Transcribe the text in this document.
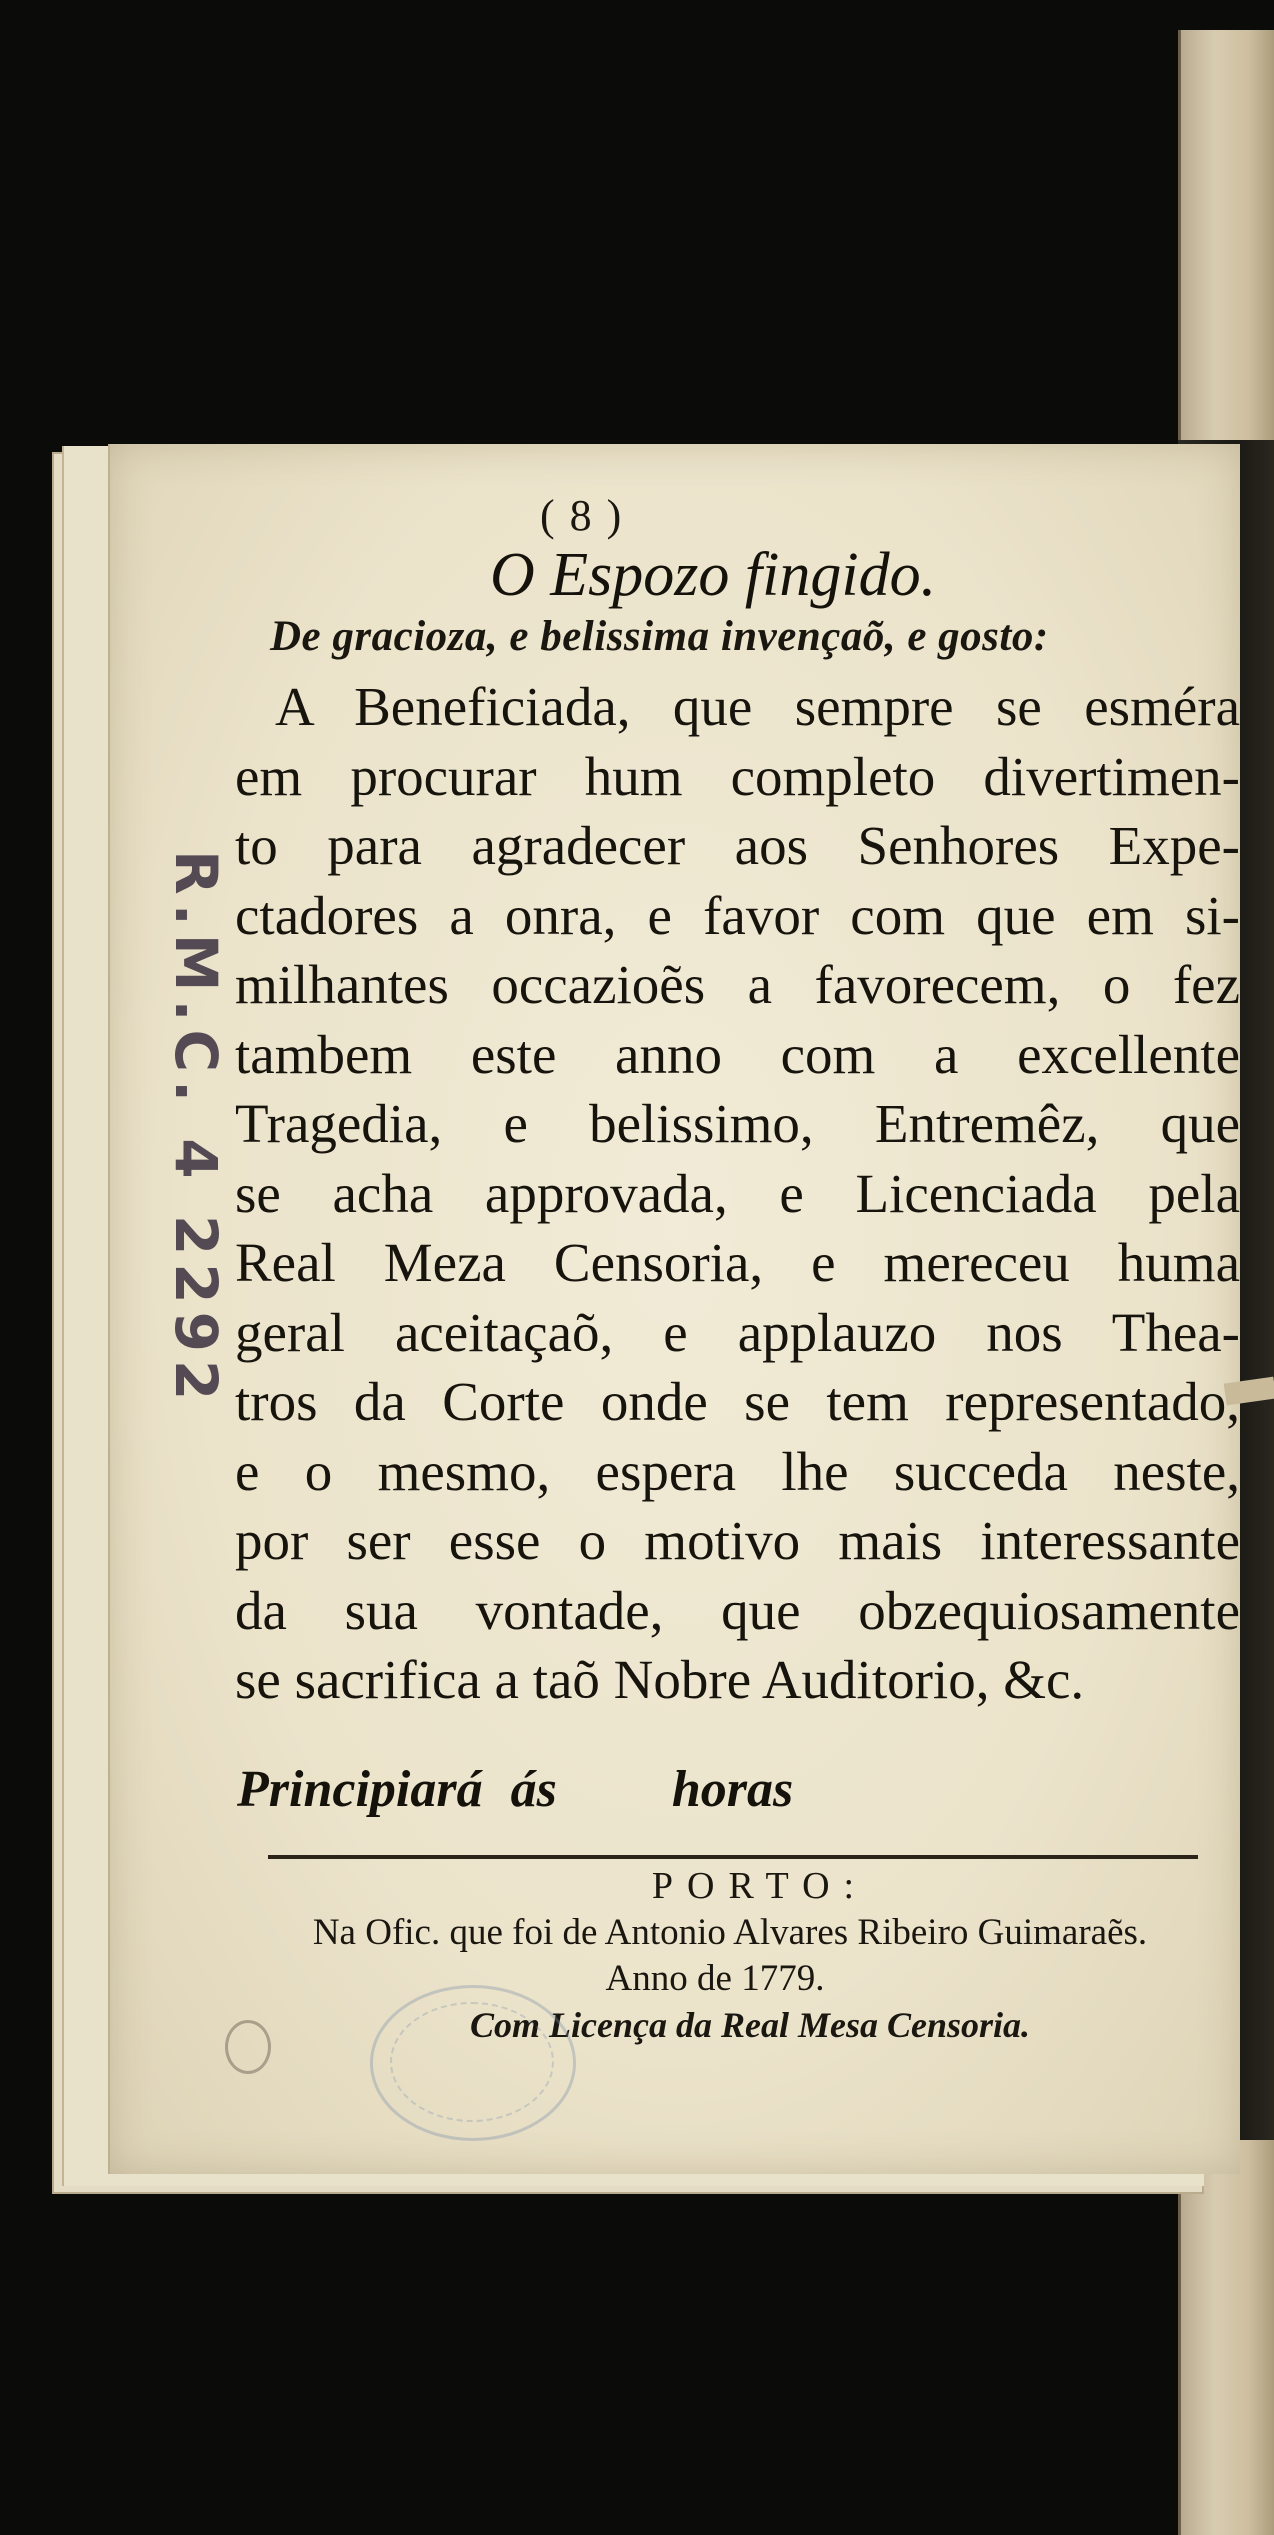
( 8 )
O Espozo fingido.
De gracioza, e belissima invençaõ, e gosto:
A Beneficiada, que sempre se esméra
em procurar hum completo divertimen-
to para agradecer aos Senhores Expe-
ctadores a onra, e favor com que em si-
milhantes occazioẽs a favorecem, o fez
tambem este anno com a excellente
Tragedia, e belissimo, Entremêz, que
se acha approvada, e Licenciada pela
Real Meza Censoria, e mereceu huma
geral aceitaçaõ, e applauzo nos Thea-
tros da Corte onde se tem representado,
e o mesmo, espera lhe succeda neste,
por ser esse o motivo mais interessante
da sua vontade, que obzequiosamente
se sacrifica a taõ Nobre Auditorio, &c.
Principiará ás horas
PORTO:
Na Ofic. que foi de Antonio Alvares Ribeiro Guimaraẽs.
Anno de 1779.
Com Licença da Real Mesa Censoria.
R.M.C. 4 2292
